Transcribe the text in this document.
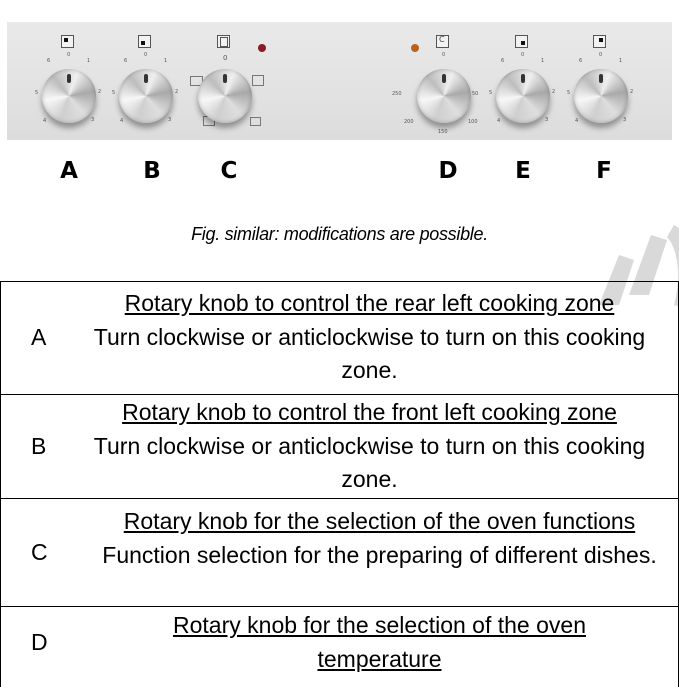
0
1
2
3
4
5
6
0
1
2
3
4
5
6	0
C
0
250	50
200
150
100
0
1
2
3
4
5
6
0
1
2
3
4
5
6
A	B	C	D	E	F
Fig. similar: modifications are possible.
A
Rotary knob to control the rear left cooking zone
Turn clockwise or anticlockwise to turn on this cooking zone.
B
Rotary knob to control the front left cooking zone
Turn clockwise or anticlockwise to turn on this cooking zone.
C
Rotary knob for the selection of the oven functions
Function selection for the preparing of different dishes.
D
Rotary knob for the selection of the oven temperature
